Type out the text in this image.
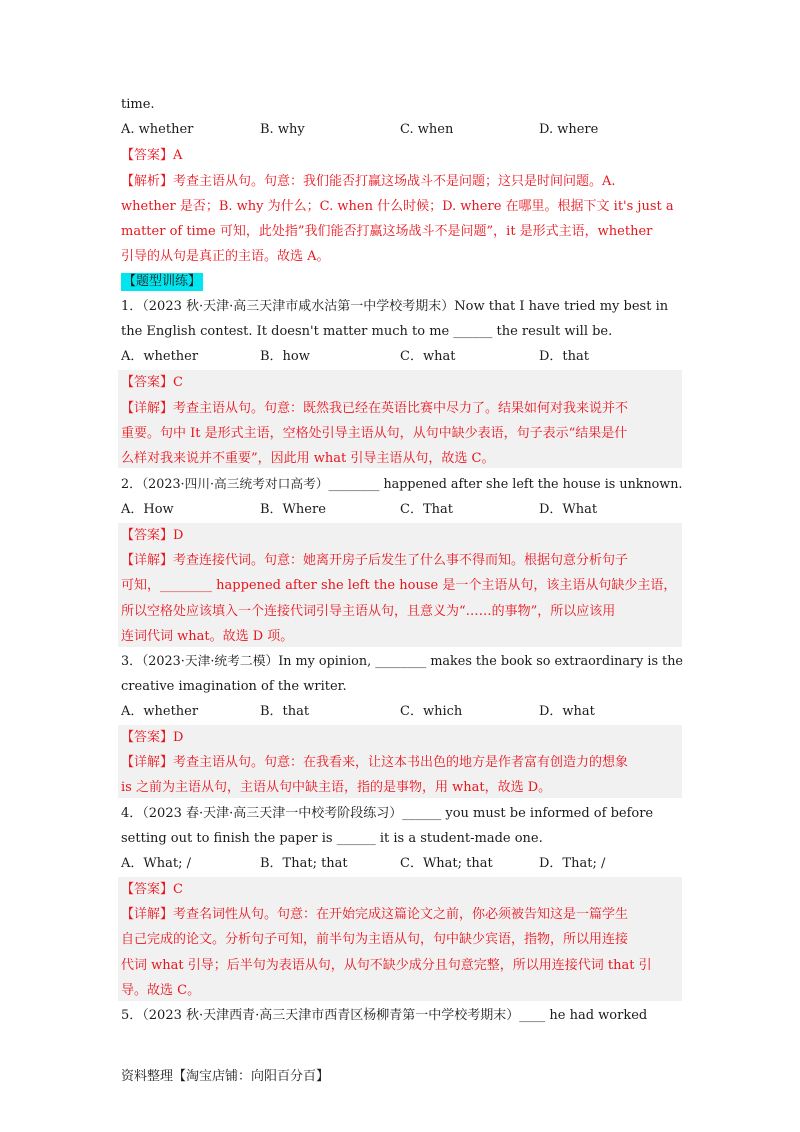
time.
A. whether	B. why	C. when	D. where
【答案】A
【解析】考查主语从句。句意：我们能否打赢这场战斗不是问题；这只是时间问题。A.
whether 是否；B. why 为什么；C. when 什么时候；D. where 在哪里。根据下文 it's just a
matter of time 可知，此处指”我们能否打赢这场战斗不是问题”，it 是形式主语，whether
引导的从句是真正的主语。故选 A。
【题型训练】
1．（2023 秋·天津·高三天津市咸水沽第一中学校考期末）Now that I have tried my best in
the English contest. It doesn't matter much to me ______ the result will be.
A．whether	B．how	C．what	D．that
【答案】C
【详解】考查主语从句。句意：既然我已经在英语比赛中尽力了。结果如何对我来说并不
重要。句中 It 是形式主语，空格处引导主语从句，从句中缺少表语，句子表示“结果是什
么样对我来说并不重要”，因此用 what 引导主语从句，故选 C。
2．（2023·四川·高三统考对口高考）________ happened after she left the house is unknown.
A．How	B．Where	C．That	D．What
【答案】D
【详解】考查连接代词。句意：她离开房子后发生了什么事不得而知。根据句意分析句子
可知，________ happened after she left the house 是一个主语从句，该主语从句缺少主语，
所以空格处应该填入一个连接代词引导主语从句，且意义为“……的事物”，所以应该用
连词代词 what。故选 D 项。
3．（2023·天津·统考二模）In my opinion, ________ makes the book so extraordinary is the
creative imagination of the writer.
A．whether	B．that	C．which	D．what
【答案】D
【详解】考查主语从句。句意：在我看来，让这本书出色的地方是作者富有创造力的想象
is 之前为主语从句，主语从句中缺主语，指的是事物，用 what，故选 D。
4．（2023 春·天津·高三天津一中校考阶段练习）______ you must be informed of before
setting out to finish the paper is ______ it is a student-made one.
A．What; /	B．That; that	C．What; that	D．That; /
【答案】C
【详解】考查名词性从句。句意：在开始完成这篇论文之前，你必须被告知这是一篇学生
自己完成的论文。分析句子可知，前半句为主语从句，句中缺少宾语，指物，所以用连接
代词 what 引导；后半句为表语从句，从句不缺少成分且句意完整，所以用连接代词 that 引
导。故选 C。
5．（2023 秋·天津西青·高三天津市西青区杨柳青第一中学校考期末）____ he had worked
资料整理【淘宝店铺：向阳百分百】
